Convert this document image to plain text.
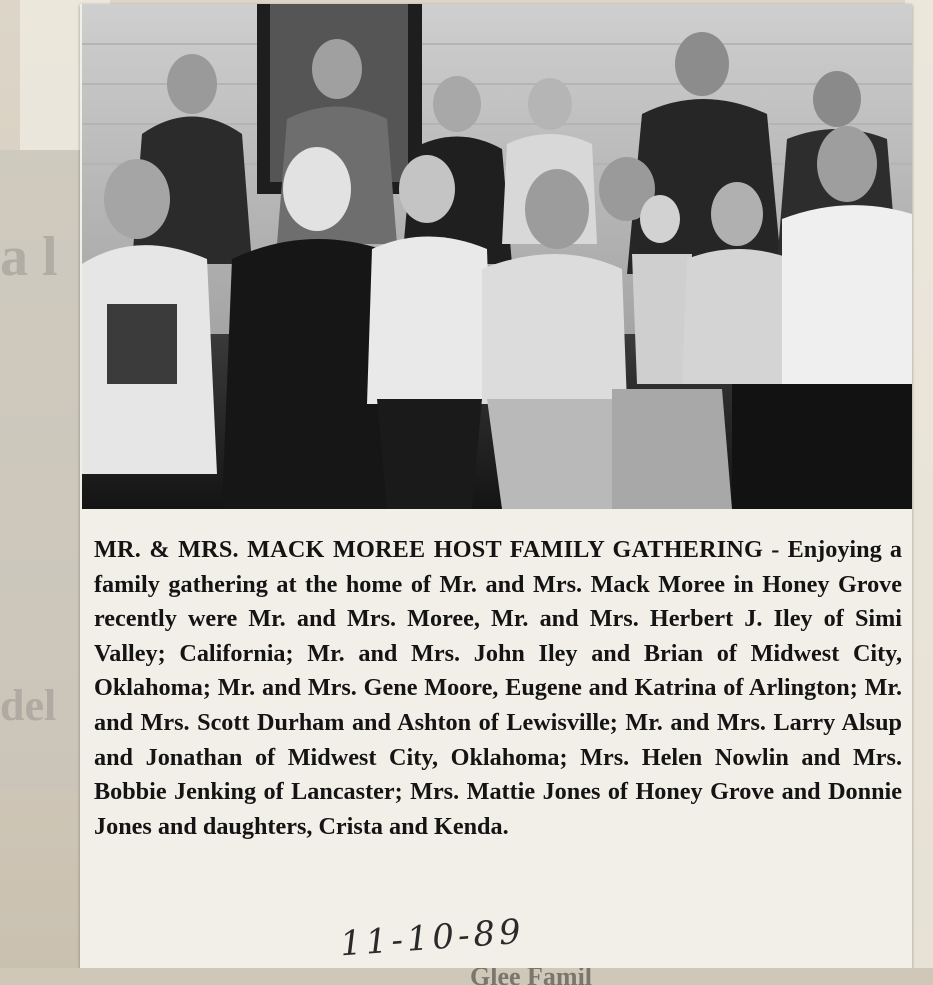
a l
del

MR. & MRS. MACK MOREE HOST FAMILY GATHERING - Enjoying a family gathering at the home of Mr. and Mrs. Mack Moree in Honey Grove recently were Mr. and Mrs. Moree, Mr. and Mrs. Herbert J. Iley of Simi Valley; California; Mr. and Mrs. John Iley and Brian of Midwest City, Oklahoma; Mr. and Mrs. Gene Moore, Eugene and Katrina of Arlington; Mr. and Mrs. Scott Durham and Ashton of Lewisville; Mr. and Mrs. Larry Alsup and Jonathan of Midwest City, Oklahoma; Mrs. Helen Nowlin and Mrs. Bobbie Jenking of Lancaster; Mrs. Mattie Jones of Honey Grove and Donnie Jones and daughters, Crista and Kenda.

11-10-89
Glee Famil
